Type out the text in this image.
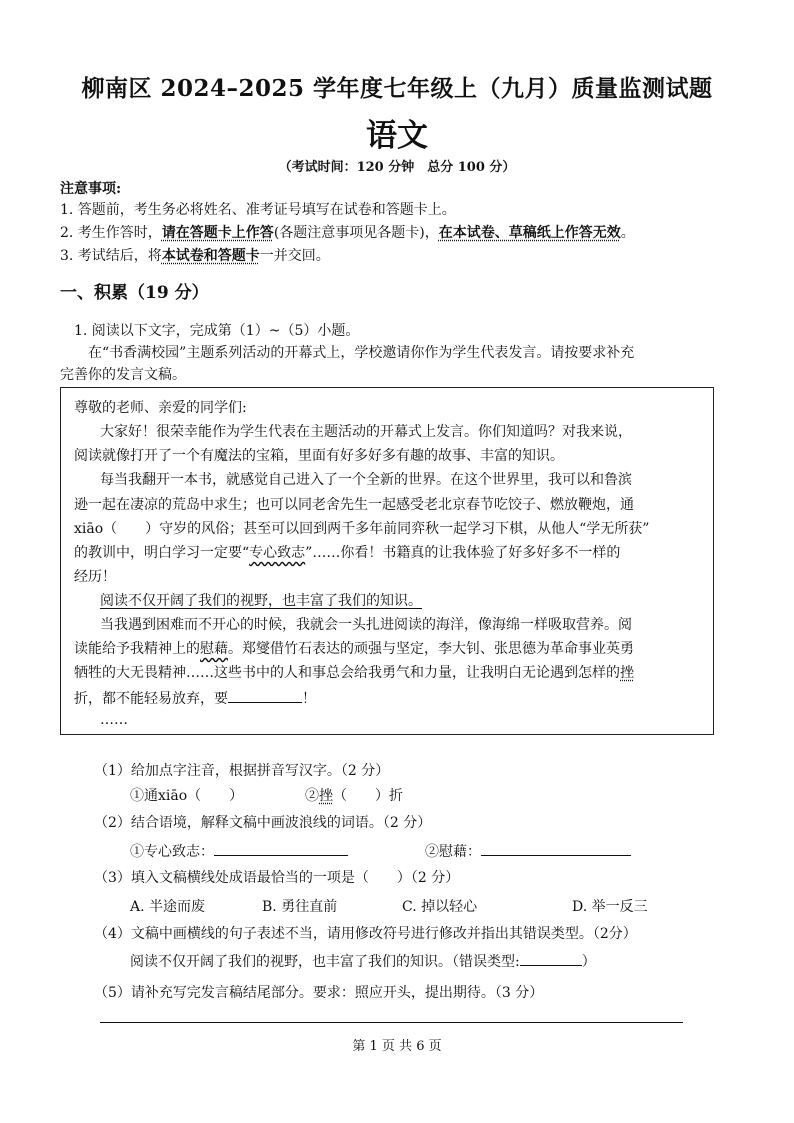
柳南区 2024–2025 学年度七年级上（九月）质量监测试题
语文
（考试时间：120 分钟　总分 100 分）
注意事项:
1. 答题前，考生务必将姓名、准考证号填写在试卷和答题卡上。
2. 考生作答时，请在答题卡上作答(各题注意事项见各题卡)，在本试卷、草稿纸上作答无效。
3. 考试结后，将本试卷和答题卡一并交回。
一、积累（19 分）
1. 阅读以下文字，完成第（1）~（5）小题。
在“书香满校园”主题系列活动的开幕式上，学校邀请你作为学生代表发言。请按要求补充
完善你的发言文稿。
尊敬的老师、亲爱的同学们:
大家好！很荣幸能作为学生代表在主题活动的开幕式上发言。你们知道吗？对我来说，
阅读就像打开了一个有魔法的宝箱，里面有好多好多有趣的故事、丰富的知识。
每当我翻开一本书，就感觉自己进入了一个全新的世界。在这个世界里，我可以和鲁滨
逊一起在凄凉的荒岛中求生；也可以同老舍先生一起感受老北京春节吃饺子、燃放鞭炮，通
xiāo（　　）守岁的风俗；甚至可以回到两千多年前同弈秋一起学习下棋，从他人“学无所获”
的教训中，明白学习一定要“专心致志”……你看！书籍真的让我体验了好多好多不一样的
经历！
阅读不仅开阔了我们的视野，也丰富了我们的知识。
当我遇到困难而不开心的时候，我就会一头扎进阅读的海洋，像海绵一样吸取营养。阅
读能给予我精神上的慰藉。郑燮借竹石表达的顽强与坚定，李大钊、张思德为革命事业英勇
牺牲的大无畏精神……这些书中的人和事总会给我勇气和力量，让我明白无论遇到怎样的挫
折，都不能轻易放弃，要	！
……
（1）给加点字注音，根据拼音写汉字。（2 分）
①通xiāo（　　）	②挫（　　）折
（2）结合语境，解释文稿中画波浪线的词语。（2 分）
①专心致志：	②慰藉：
（3）填入文稿横线处成语最恰当的一项是（　　）（2 分）
A. 半途而废	B. 勇往直前	C. 掉以轻心	D. 举一反三
（4）文稿中画横线的句子表述不当，请用修改符号进行修改并指出其错误类型。（2分）
阅读不仅开阔了我们的视野，也丰富了我们的知识。（错误类型:	）
（5）请补充写完发言稿结尾部分。要求：照应开头，提出期待。（3 分）
第 1 页 共 6 页
